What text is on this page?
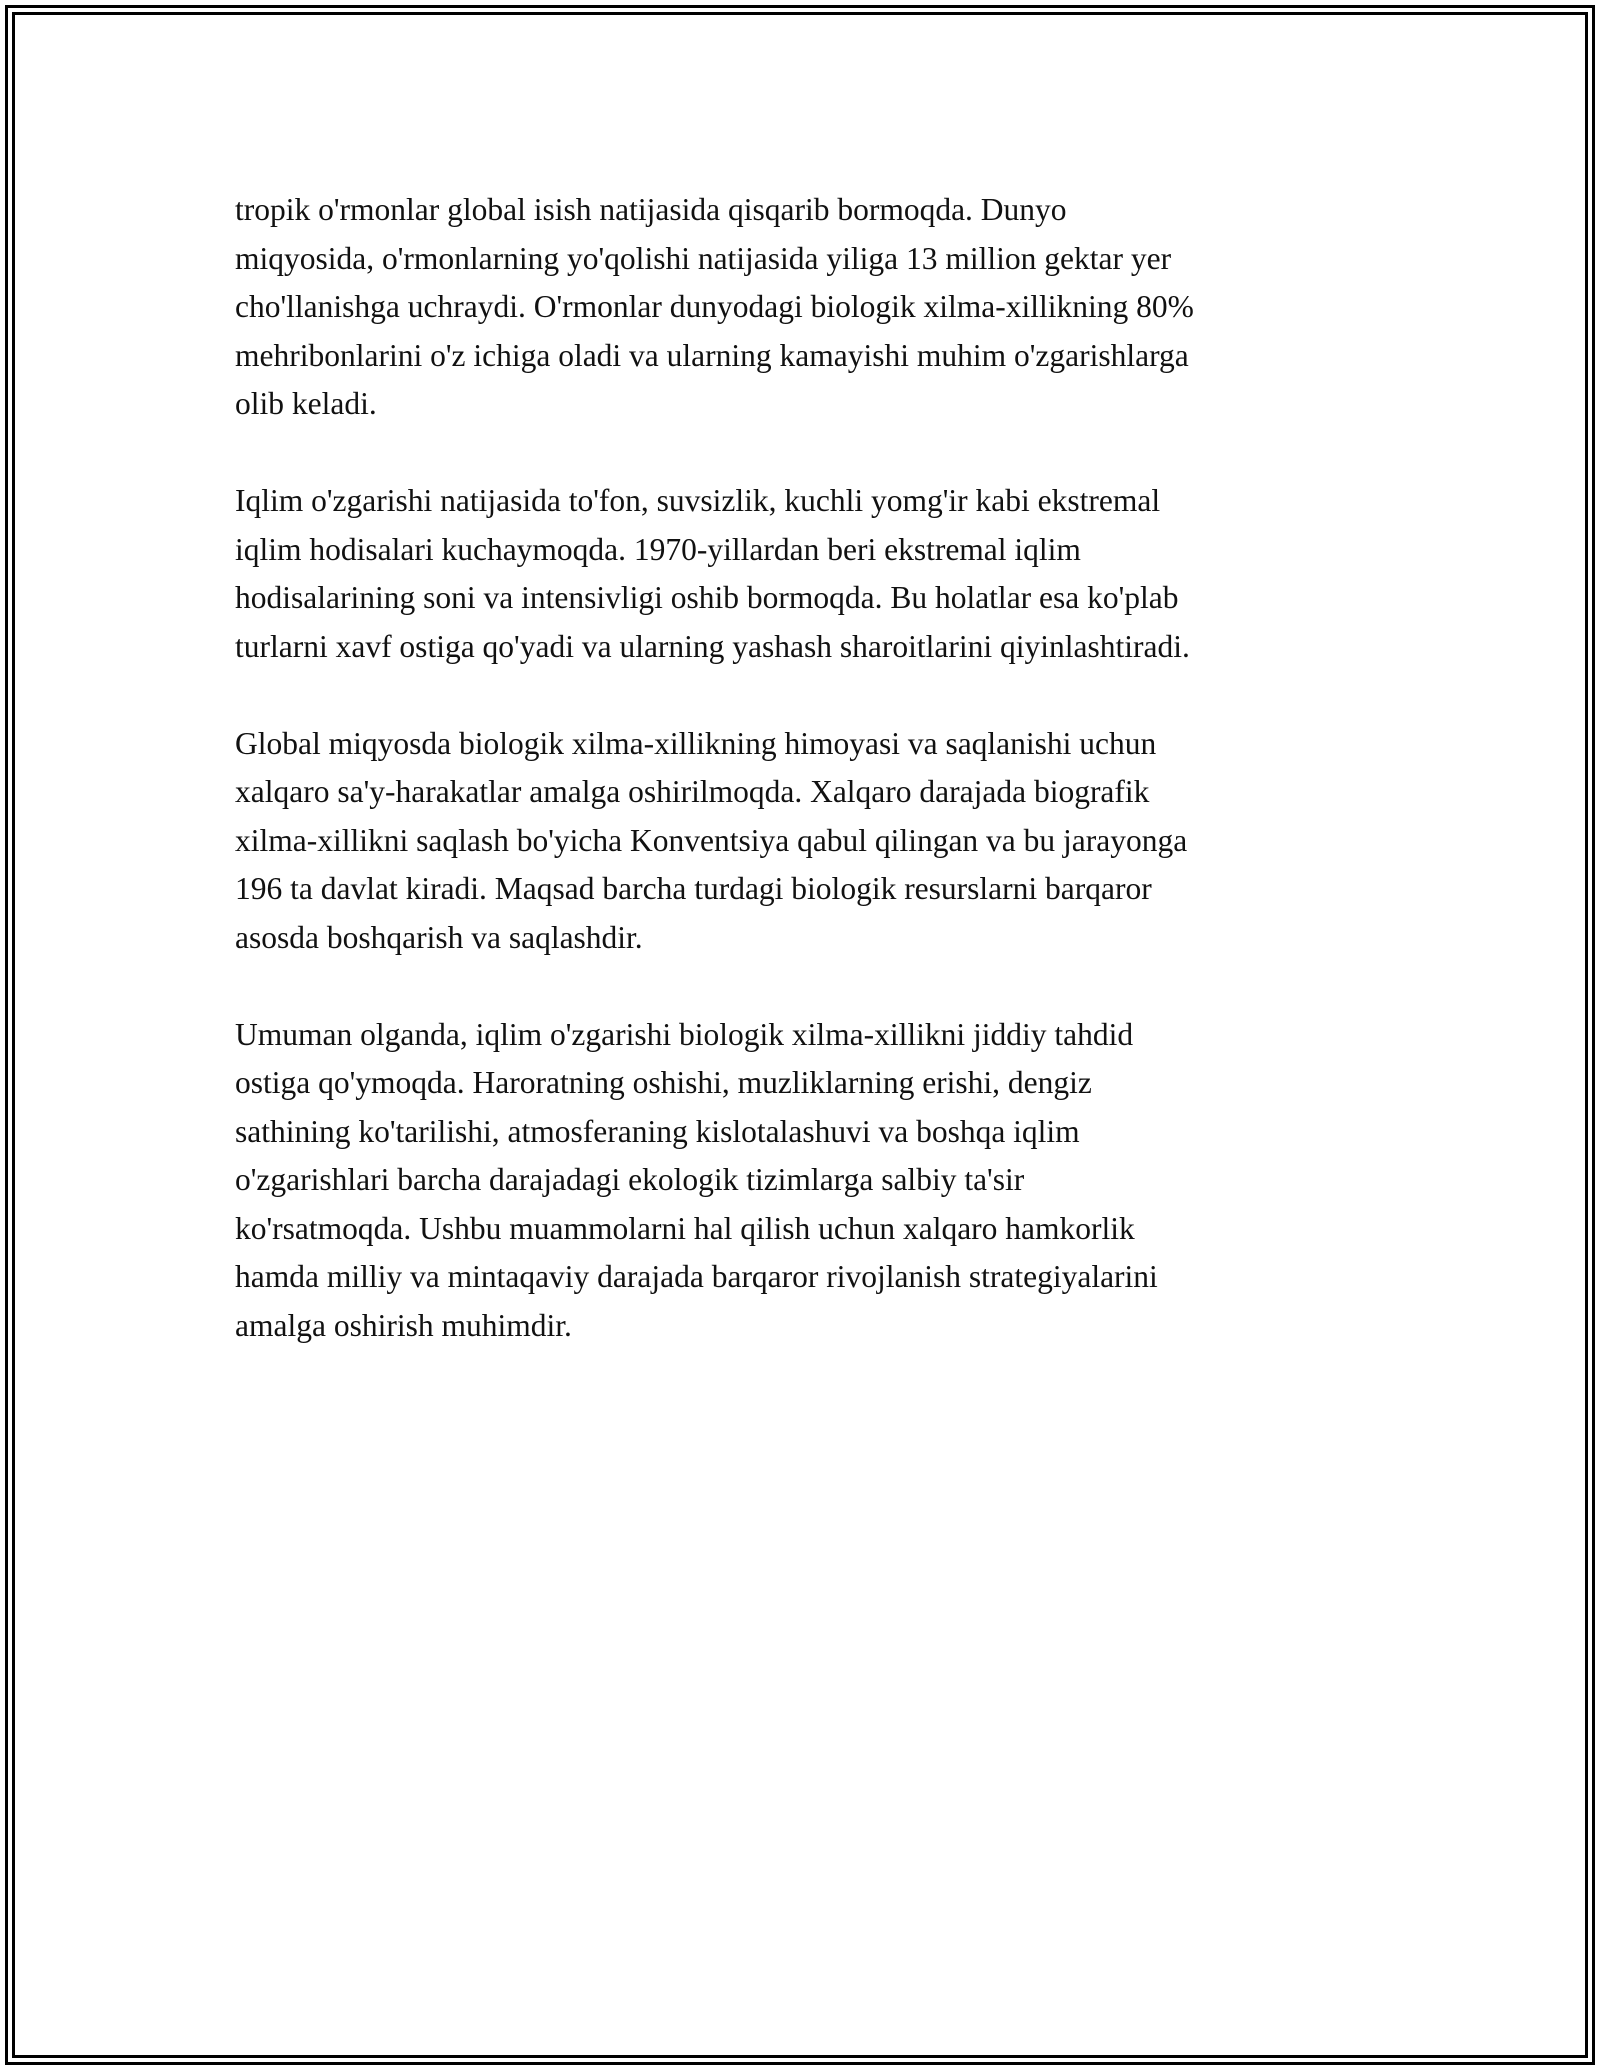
tropik o'rmonlar global isish natijasida qisqarib bormoqda. Dunyo
miqyosida, o'rmonlarning yo'qolishi natijasida yiliga 13 million gektar yer
cho'llanishga uchraydi. O'rmonlar dunyodagi biologik xilma-xillikning 80%
mehribonlarini o'z ichiga oladi va ularning kamayishi muhim o'zgarishlarga
olib keladi.

Iqlim o'zgarishi natijasida to'fon, suvsizlik, kuchli yomg'ir kabi ekstremal
iqlim hodisalari kuchaymoqda. 1970-yillardan beri ekstremal iqlim
hodisalarining soni va intensivligi oshib bormoqda. Bu holatlar esa ko'plab
turlarni xavf ostiga qo'yadi va ularning yashash sharoitlarini qiyinlashtiradi.

Global miqyosda biologik xilma-xillikning himoyasi va saqlanishi uchun
xalqaro sa'y-harakatlar amalga oshirilmoqda. Xalqaro darajada biografik
xilma-xillikni saqlash bo'yicha Konventsiya qabul qilingan va bu jarayonga
196 ta davlat kiradi. Maqsad barcha turdagi biologik resurslarni barqaror
asosda boshqarish va saqlashdir.

Umuman olganda, iqlim o'zgarishi biologik xilma-xillikni jiddiy tahdid
ostiga qo'ymoqda. Haroratning oshishi, muzliklarning erishi, dengiz
sathining ko'tarilishi, atmosferaning kislotalashuvi va boshqa iqlim
o'zgarishlari barcha darajadagi ekologik tizimlarga salbiy ta'sir
ko'rsatmoqda. Ushbu muammolarni hal qilish uchun xalqaro hamkorlik
hamda milliy va mintaqaviy darajada barqaror rivojlanish strategiyalarini
amalga oshirish muhimdir.
